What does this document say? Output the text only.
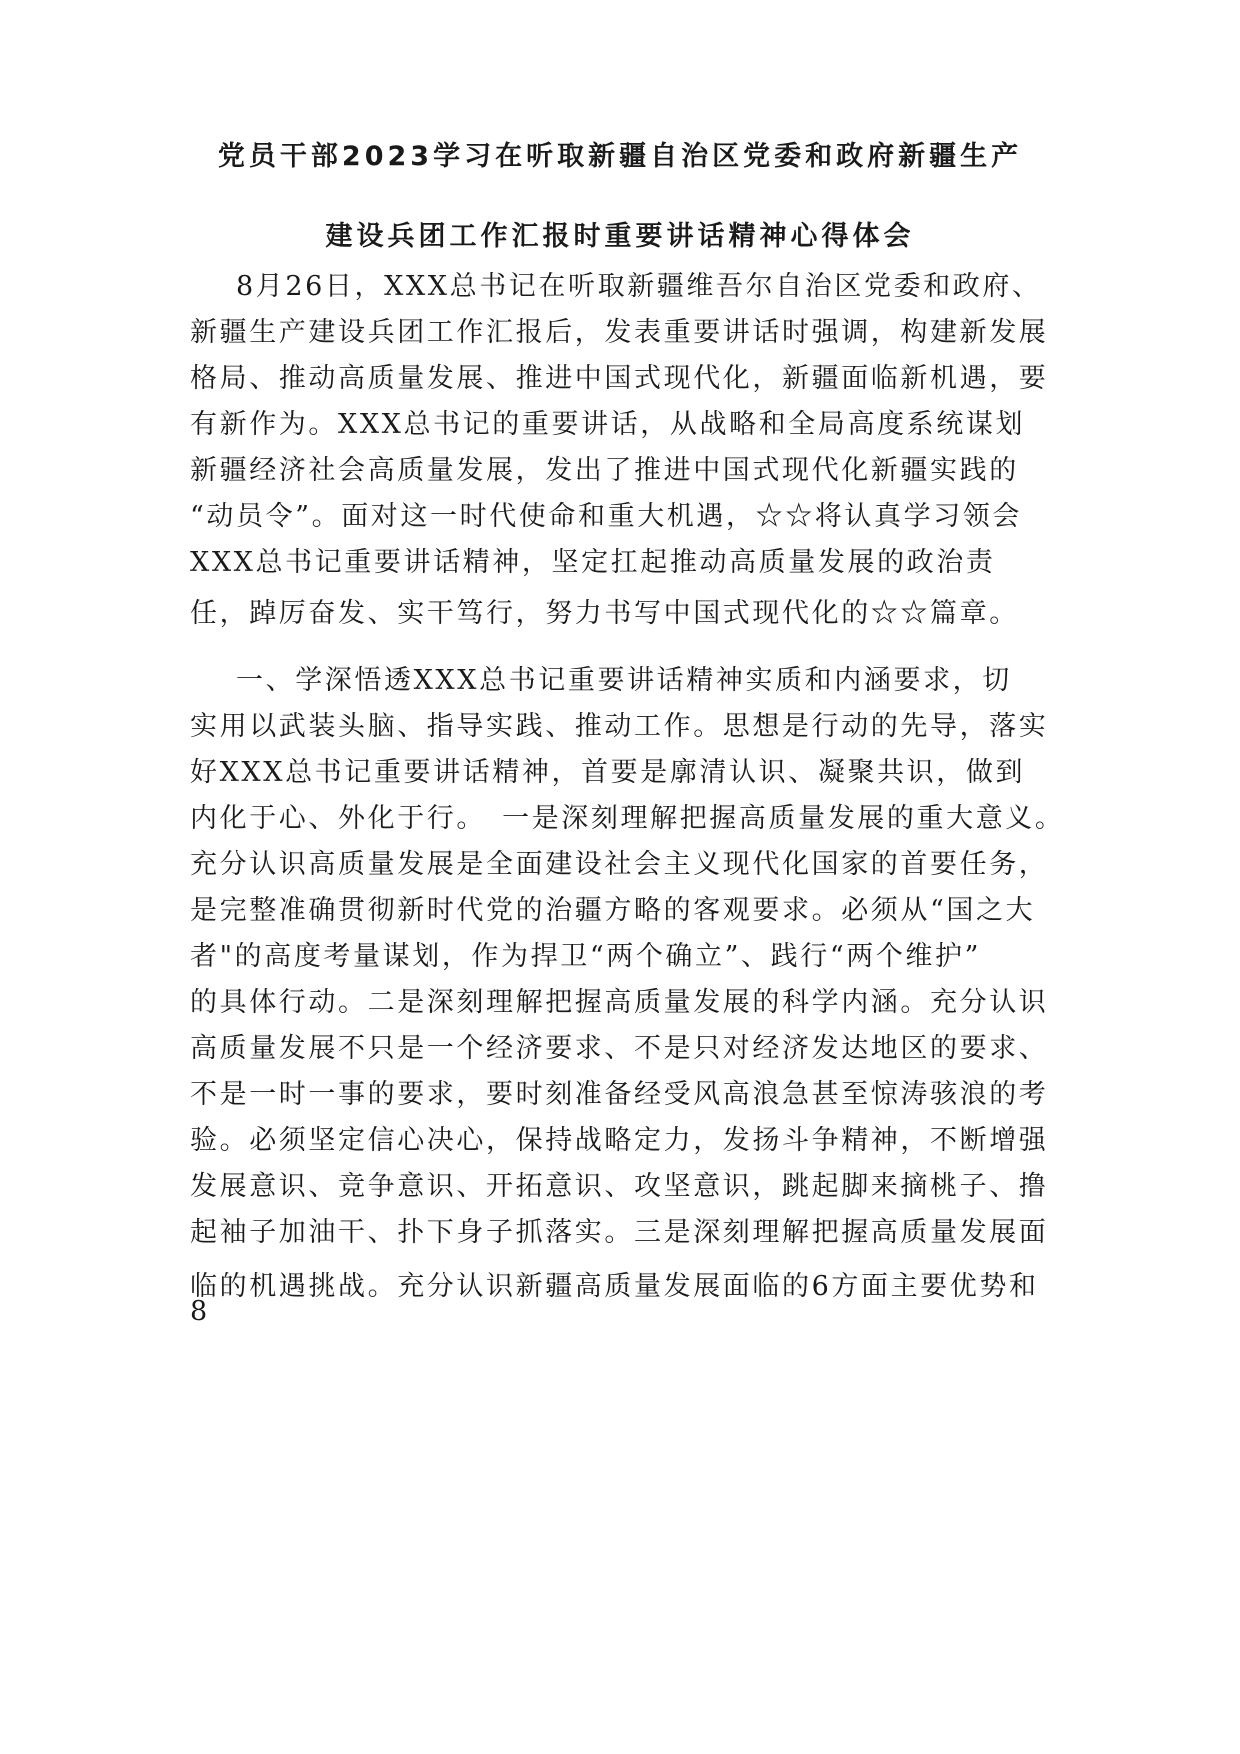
党员干部2023学习在听取新疆自治区党委和政府新疆生产
建设兵团工作汇报时重要讲话精神心得体会
8月26日，XXX总书记在听取新疆维吾尔自治区党委和政府、
新疆生产建设兵团工作汇报后，发表重要讲话时强调，构建新发展
格局、推动高质量发展、推进中国式现代化，新疆面临新机遇，要
有新作为。XXX总书记的重要讲话，从战略和全局高度系统谋划
新疆经济社会高质量发展，发出了推进中国式现代化新疆实践的
“动员令”。面对这一时代使命和重大机遇，☆☆将认真学习领会
XXX总书记重要讲话精神，坚定扛起推动高质量发展的政治责
任，踔厉奋发、实干笃行，努力书写中国式现代化的☆☆篇章。
一、学深悟透XXX总书记重要讲话精神实质和内涵要求，切
实用以武装头脑、指导实践、推动工作。思想是行动的先导，落实
好XXX总书记重要讲话精神，首要是廓清认识、凝聚共识，做到
内化于心、外化于行。　一是深刻理解把握高质量发展的重大意义。
充分认识高质量发展是全面建设社会主义现代化国家的首要任务，
是完整准确贯彻新时代党的治疆方略的客观要求。必须从“国之大
者"的高度考量谋划，作为捍卫“两个确立”、践行“两个维护”
的具体行动。二是深刻理解把握高质量发展的科学内涵。充分认识
高质量发展不只是一个经济要求、不是只对经济发达地区的要求、
不是一时一事的要求，要时刻准备经受风高浪急甚至惊涛骇浪的考
验。必须坚定信心决心，保持战略定力，发扬斗争精神，不断增强
发展意识、竞争意识、开拓意识、攻坚意识，跳起脚来摘桃子、撸
起袖子加油干、扑下身子抓落实。三是深刻理解把握高质量发展面
临的机遇挑战。充分认识新疆高质量发展面临的6方面主要优势和
8
